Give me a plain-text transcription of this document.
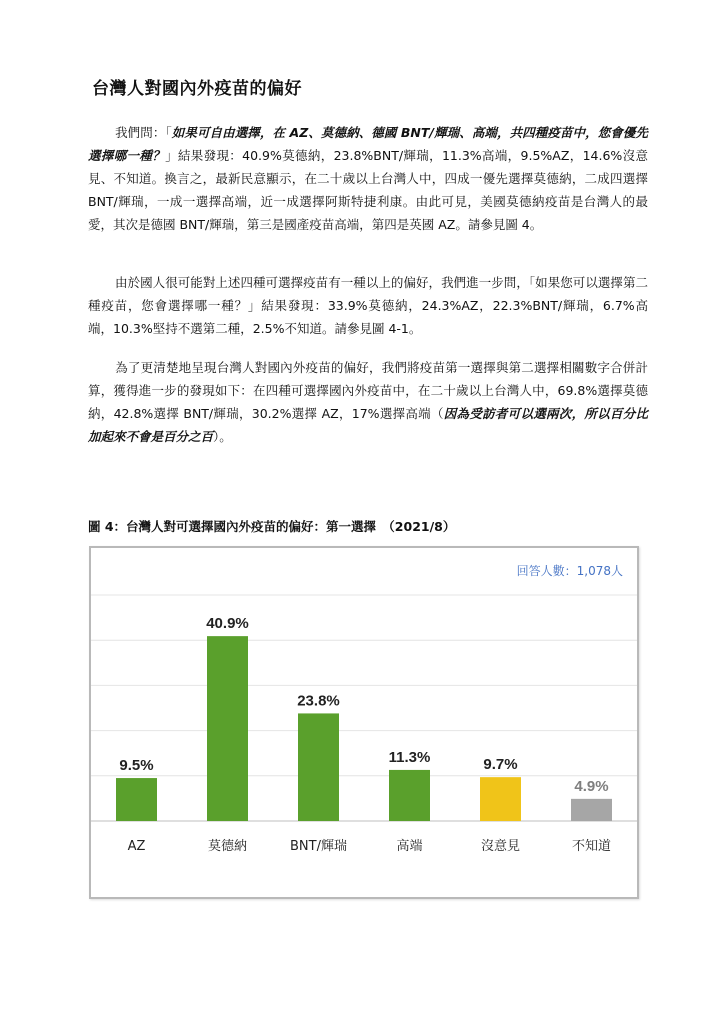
台灣人對國內外疫苗的偏好
我們問：「如果可自由選擇，在 AZ、莫德納、德國 BNT/輝瑞、高端，共四種疫苗中，您會優先選擇哪一種？」結果發現：40.9%莫德納，23.8%BNT/輝瑞，11.3%高端，9.5%AZ，14.6%沒意見、不知道。換言之，最新民意顯示，在二十歲以上台灣人中，四成一優先選擇莫德納，二成四選擇 BNT/輝瑞，一成一選擇高端，近一成選擇阿斯特捷利康。由此可見，美國莫德納疫苗是台灣人的最愛，其次是德國 BNT/輝瑞，第三是國產疫苗高端，第四是英國 AZ。請參見圖 4。
由於國人很可能對上述四種可選擇疫苗有一種以上的偏好，我們進一步問，「如果您可以選擇第二種疫苗，您會選擇哪一種？」結果發現：33.9%莫德納，24.3%AZ，22.3%BNT/輝瑞，6.7%高端，10.3%堅持不選第二種，2.5%不知道。請參見圖 4-1。
為了更清楚地呈現台灣人對國內外疫苗的偏好，我們將疫苗第一選擇與第二選擇相關數字合併計算，獲得進一步的發現如下：在四種可選擇國內外疫苗中，在二十歲以上台灣人中，69.8%選擇莫德納，42.8%選擇 BNT/輝瑞，30.2%選擇 AZ，17%選擇高端（因為受訪者可以選兩次，所以百分比加起來不會是百分之百）。
圖 4：台灣人對可選擇國內外疫苗的偏好：第一選擇　（2021/8）
9.5%
AZ
40.9%
莫德納
23.8%
BNT/輝瑞
11.3%
高端
9.7%
沒意見
4.9%
不知道
回答人數：1,078人
